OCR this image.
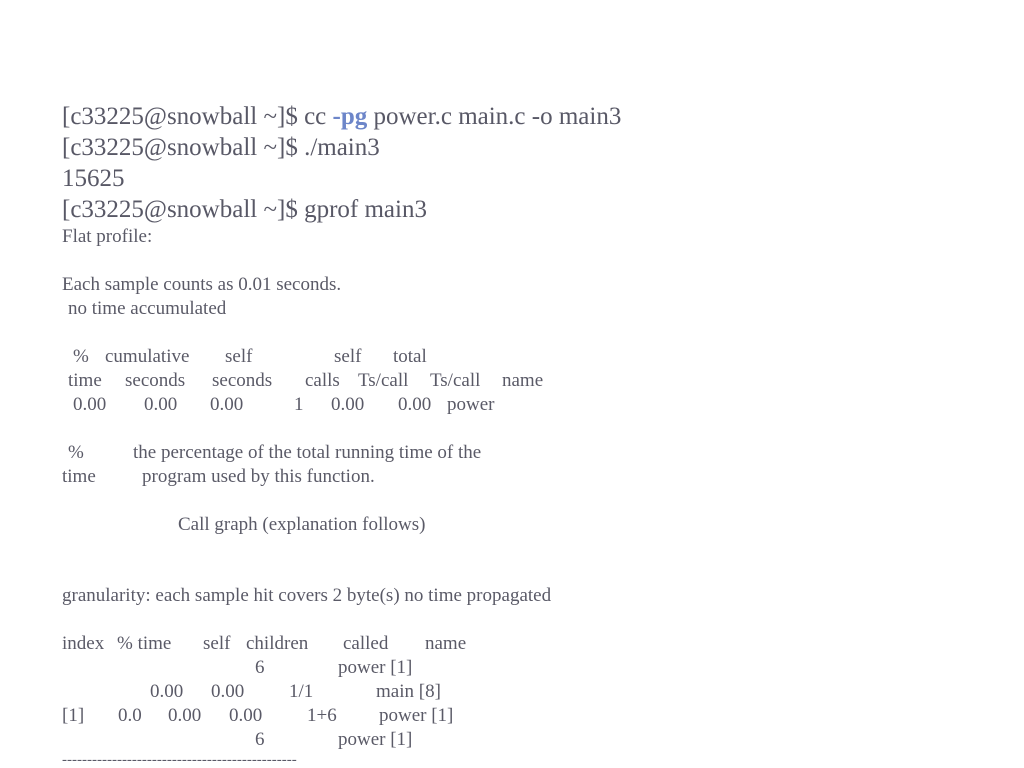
[c33225@snowball ~]$ cc -pg power.c main.c -o main3
[c33225@snowball ~]$ ./main3
15625
[c33225@snowball ~]$ gprof main3
Flat profile:
Each sample counts as 0.01 seconds.
no time accumulated
% cumulative self	self total
time seconds seconds calls Ts/call Ts/call name
0.00 0.00 0.00	1 0.00 0.00 power
%	the percentage of the total running time of the
time program used by this function.
Call graph (explanation follows)
granularity: each sample hit covers 2 byte(s) no time propagated
index % time self children called name
6	power [1]
0.00 0.00 1/1	main [8]
[1] 0.0 0.00 0.00 1+6 power [1]
6	power [1]
-----------------------------------------------
